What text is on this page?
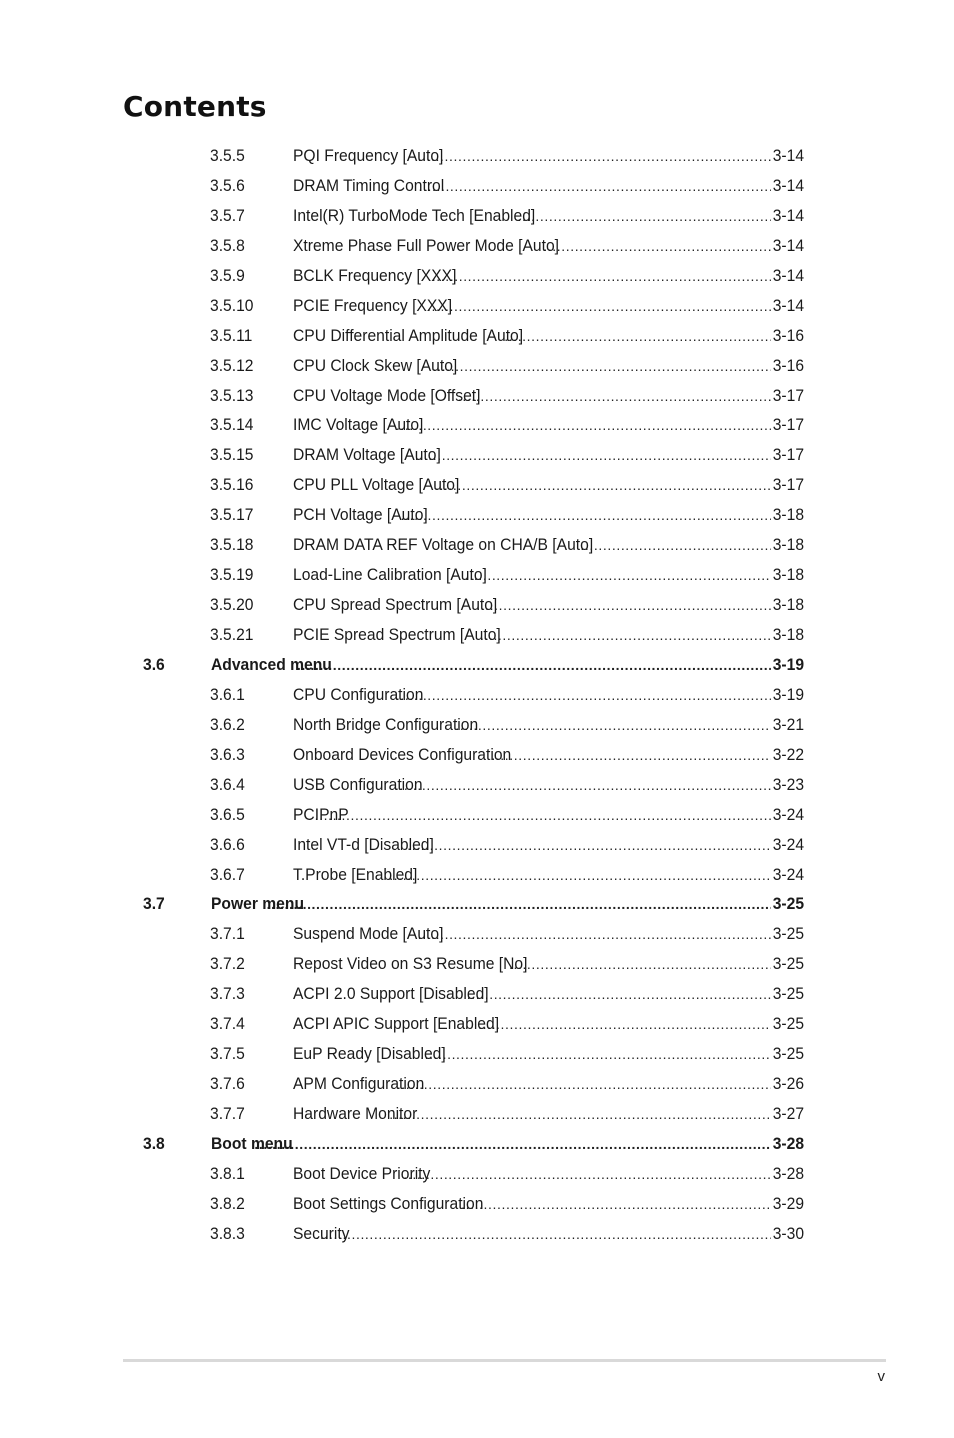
Contents
3.5.5	PQI Frequency [Auto] .....	3-14
3.5.6	DRAM Timing Control .....	3-14
3.5.7	Intel(R) TurboMode Tech [Enabled] .....	3-14
3.5.8	Xtreme Phase Full Power Mode [Auto] .....	3-14
3.5.9	BCLK Frequency [XXX] .....	3-14
3.5.10 PCIE Frequency [XXX] .....	3-14
3.5.11 CPU Differential Amplitude [Auto] .....	3-16
3.5.12 CPU Clock Skew [Auto] .....	3-16
3.5.13 CPU Voltage Mode [Offset] .....	3-17
3.5.14 IMC Voltage [Auto] .....	3-17
3.5.15 DRAM Voltage [Auto] .....	3-17
3.5.16 CPU PLL Voltage [Auto] .....	3-17
3.5.17 PCH Voltage [Auto] .....	3-18
3.5.18 DRAM DATA REF Voltage on CHA/B [Auto] .....	3-18
3.5.19 Load-Line Calibration [Auto] .....	3-18
3.5.20 CPU Spread Spectrum [Auto] .....	3-18
3.5.21 PCIE Spread Spectrum [Auto] .....	3-18
3.6	Advanced menu .....	3-19
3.6.1	CPU Configuration .....	3-19
3.6.2	North Bridge Configuration .....	3-21
3.6.3	Onboard Devices Configuration .....	3-22
3.6.4	USB Configuration .....	3-23
3.6.5	PCIPnP .....	3-24
3.6.6	Intel VT-d [Disabled] .....	3-24
3.6.7	T.Probe [Enabled] .....	3-24
3.7	Power menu .....	3-25
3.7.1	Suspend Mode [Auto] .....	3-25
3.7.2	Repost Video on S3 Resume [No] .....	3-25
3.7.3	ACPI 2.0 Support [Disabled] .....	3-25
3.7.4	ACPI APIC Support [Enabled] .....	3-25
3.7.5	EuP Ready [Disabled] .....	3-25
3.7.6	APM Configuration .....	3-26
3.7.7	Hardware Monitor .....	3-27
3.8	Boot menu .....	3-28
3.8.1	Boot Device Priority .....	3-28
3.8.2	Boot Settings Configuration .....	3-29
3.8.3	Security .....	3-30
v
